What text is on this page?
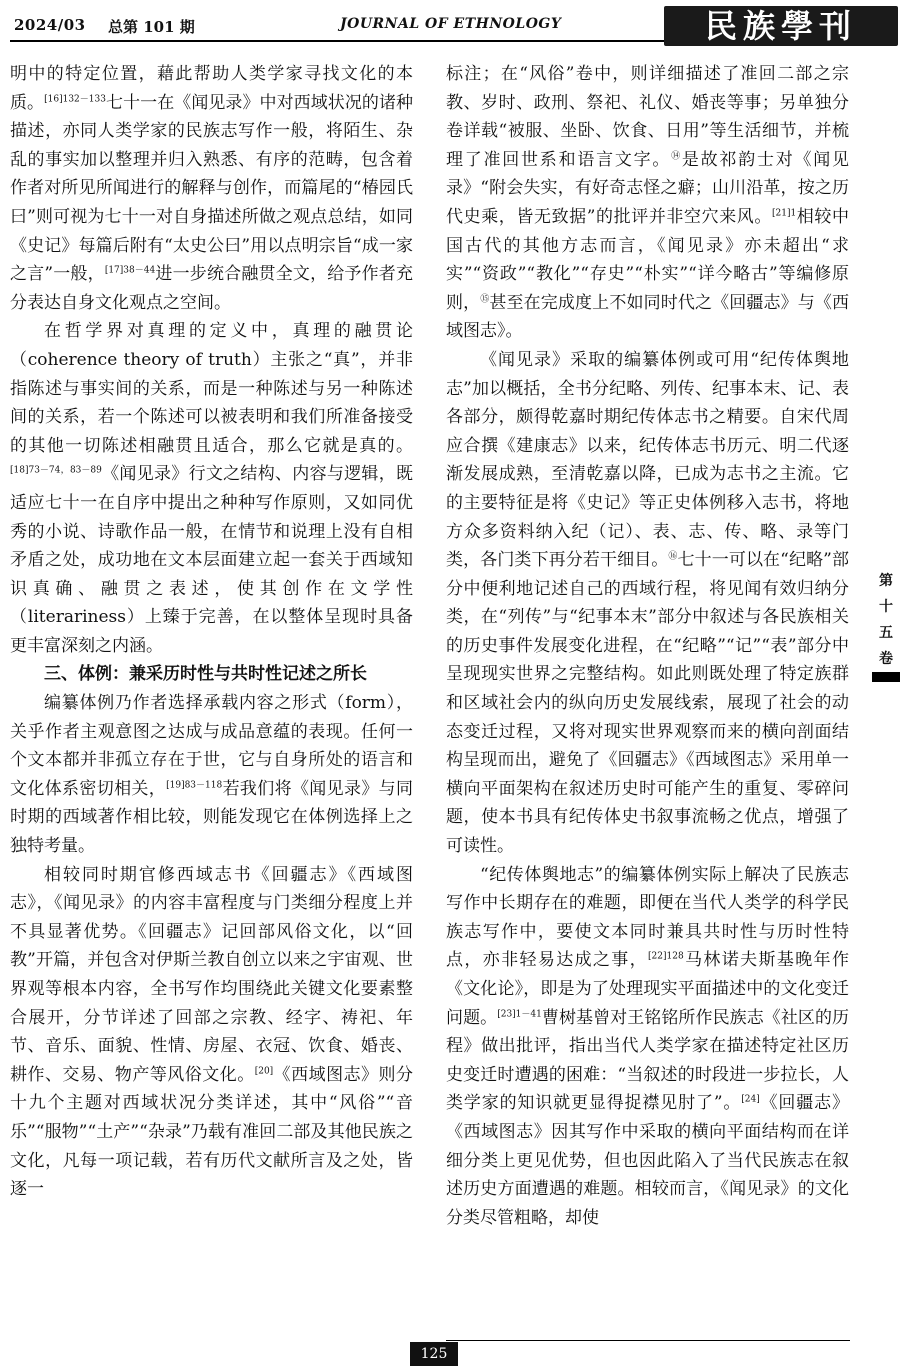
2024/03 总第 101 期	JOURNAL OF ETHNOLOGY	民族學刊

明中的特定位置，藉此帮助人类学家寻找文化的本质。$^{[16]132-133}$七十一在《闻见录》中对西域状况的诸种描述，亦同人类学家的民族志写作一般，将陌生、杂乱的事实加以整理并归入熟悉、有序的范畴，包含着作者对所见所闻进行的解释与创作，而篇尾的“椿园氏曰”则可视为七十一对自身描述所做之观点总结，如同《史记》每篇后附有“太史公曰”用以点明宗旨“成一家之言”一般，$^{[17]38-44}$进一步统合融贯全文，给予作者充分表达自身文化观点之空间。

在哲学界对真理的定义中，真理的融贯论（coherence theory of truth）主张之“真”，并非指陈述与事实间的关系，而是一种陈述与另一种陈述间的关系，若一个陈述可以被表明和我们所准备接受的其他一切陈述相融贯且适合，那么它就是真的。$^{[18]73-74,83-89}$《闻见录》行文之结构、内容与逻辑，既适应七十一在自序中提出之种种写作原则，又如同优秀的小说、诗歌作品一般，在情节和说理上没有自相矛盾之处，成功地在文本层面建立起一套关于西域知识真确、融贯之表述，使其创作在文学性（literariness）上臻于完善，在以整体呈现时具备更丰富深刻之内涵。

三、体例：兼采历时性与共时性记述之所长

编纂体例乃作者选择承载内容之形式（form），关乎作者主观意图之达成与成品意蕴的表现。任何一个文本都并非孤立存在于世，它与自身所处的语言和文化体系密切相关，$^{[19]83-118}$若我们将《闻见录》与同时期的西域著作相比较，则能发现它在体例选择上之独特考量。

相较同时期官修西域志书《回疆志》《西域图志》，《闻见录》的内容丰富程度与门类细分程度上并不具显著优势。《回疆志》记回部风俗文化，以“回教”开篇，并包含对伊斯兰教自创立以来之宇宙观、世界观等根本内容，全书写作均围绕此关键文化要素整合展开，分节详述了回部之宗教、经字、祷祀、年节、音乐、面貌、性情、房屋、衣冠、饮食、婚丧、耕作、交易、物产等风俗文化。[20]《西域图志》则分十九个主题对西域状况分类详述，其中“风俗”“音乐”“服物”“土产”“杂录”乃载有准回二部及其他民族之文化，凡每一项记载，若有历代文献所言及之处，皆逐一

标注；在“风俗”卷中，则详细描述了准回二部之宗教、岁时、政刑、祭祀、礼仪、婚丧等事；另单独分卷详载“被服、坐卧、饮食、日用”等生活细节，并梳理了准回世系和语言文字。⑭是故祁韵士对《闻见录》“附会失实，有好奇志怪之癖；山川沿革，按之历代史乘，皆无致据”的批评并非空穴来风。$^{[21]1}$相较中国古代的其他方志而言，《闻见录》亦未超出“求实”“资政”“教化”“存史”“朴实”“详今略古”等编修原则，⑮甚至在完成度上不如同时代之《回疆志》与《西域图志》。

《闻见录》采取的编纂体例或可用“纪传体舆地志”加以概括，全书分纪略、列传、纪事本末、记、表各部分，颇得乾嘉时期纪传体志书之精要。自宋代周应合撰《建康志》以来，纪传体志书历元、明二代逐渐发展成熟，至清乾嘉以降，已成为志书之主流。它的主要特征是将《史记》等正史体例移入志书，将地方众多资料纳入纪（记）、表、志、传、略、录等门类，各门类下再分若干细目。⑯七十一可以在“纪略”部分中便利地记述自己的西域行程，将见闻有效归纳分类，在“列传”与“纪事本末”部分中叙述与各民族相关的历史事件发展变化进程，在“纪略”“记”“表”部分中呈现现实世界之完整结构。如此则既处理了特定族群和区域社会内的纵向历史发展线索，展现了社会的动态变迁过程，又将对现实世界观察而来的横向剖面结构呈现而出，避免了《回疆志》《西域图志》采用单一横向平面架构在叙述历史时可能产生的重复、零碎问题，使本书具有纪传体史书叙事流畅之优点，增强了可读性。

“纪传体舆地志”的编纂体例实际上解决了民族志写作中长期存在的难题，即便在当代人类学的科学民族志写作中，要使文本同时兼具共时性与历时性特点，亦非轻易达成之事，$^{[22]128}$马林诺夫斯基晚年作《文化论》，即是为了处理现实平面描述中的文化变迁问题。$^{[23]1-41}$曹树基曾对王铭铭所作民族志《社区的历程》做出批评，指出当代人类学家在描述特定社区历史变迁时遭遇的困难：“当叙述的时段进一步拉长，人类学家的知识就更显得捉襟见肘了”。[24]《回疆志》《西域图志》因其写作中采取的横向平面结构而在详细分类上更见优势，但也因此陷入了当代民族志在叙述历史方面遭遇的难题。相较而言，《闻见录》的文化分类尽管粗略，却使

第
十
五
卷
125
